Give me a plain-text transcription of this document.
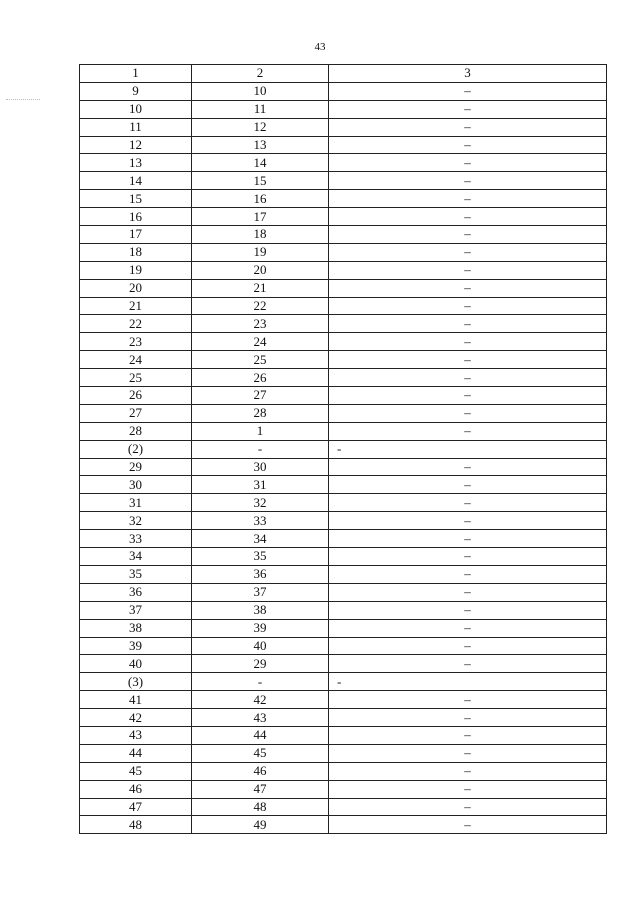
43
1	2	3
9	10	–
10	11	–
11	12	–
12	13	–
13	14	–
14	15	–
15	16	–
16	17	–
17	18	–
18	19	–
19	20	–
20	21	–
21	22	–
22	23	–
23	24	–
24	25	–
25	26	–
26	27	–
27	28	–
28	1	–
(2)	-	-
29	30	–
30	31	–
31	32	–
32	33	–
33	34	–
34	35	–
35	36	–
36	37	–
37	38	–
38	39	–
39	40	–
40	29	–
(3)	-	-
41	42	–
42	43	–
43	44	–
44	45	–
45	46	–
46	47	–
47	48	–
48	49	–
